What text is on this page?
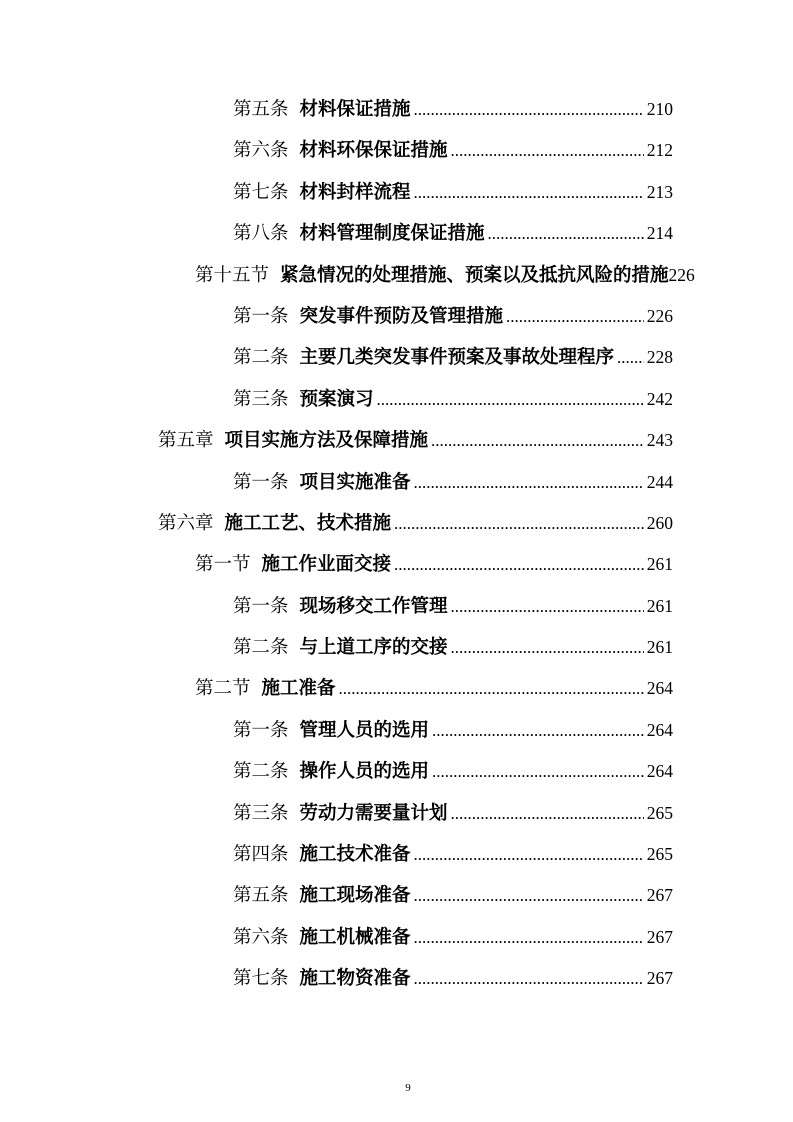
第五条 材料保证措施 .....	210
第六条 材料环保保证措施 .....	212
第七条 材料封样流程 .....	213
第八条 材料管理制度保证措施 .....	214
第十五节 紧急情况的处理措施、预案以及抵抗风险的措施 226
第一条 突发事件预防及管理措施 .....	226
第二条 主要几类突发事件预案及事故处理程序 ..... 228
第三条 预案演习 .....	242
第五章 项目实施方法及保障措施 .....	243
第一条 项目实施准备 .....	244
第六章 施工工艺、技术措施 .....	260
第一节 施工作业面交接 .....	261
第一条 现场移交工作管理 .....	261
第二条 与上道工序的交接 .....	261
第二节 施工准备 .....	264
第一条 管理人员的选用 .....	264
第二条 操作人员的选用 .....	264
第三条 劳动力需要量计划 .....	265
第四条 施工技术准备 .....	265
第五条 施工现场准备 .....	267
第六条 施工机械准备 .....	267
第七条 施工物资准备 .....	267
9
